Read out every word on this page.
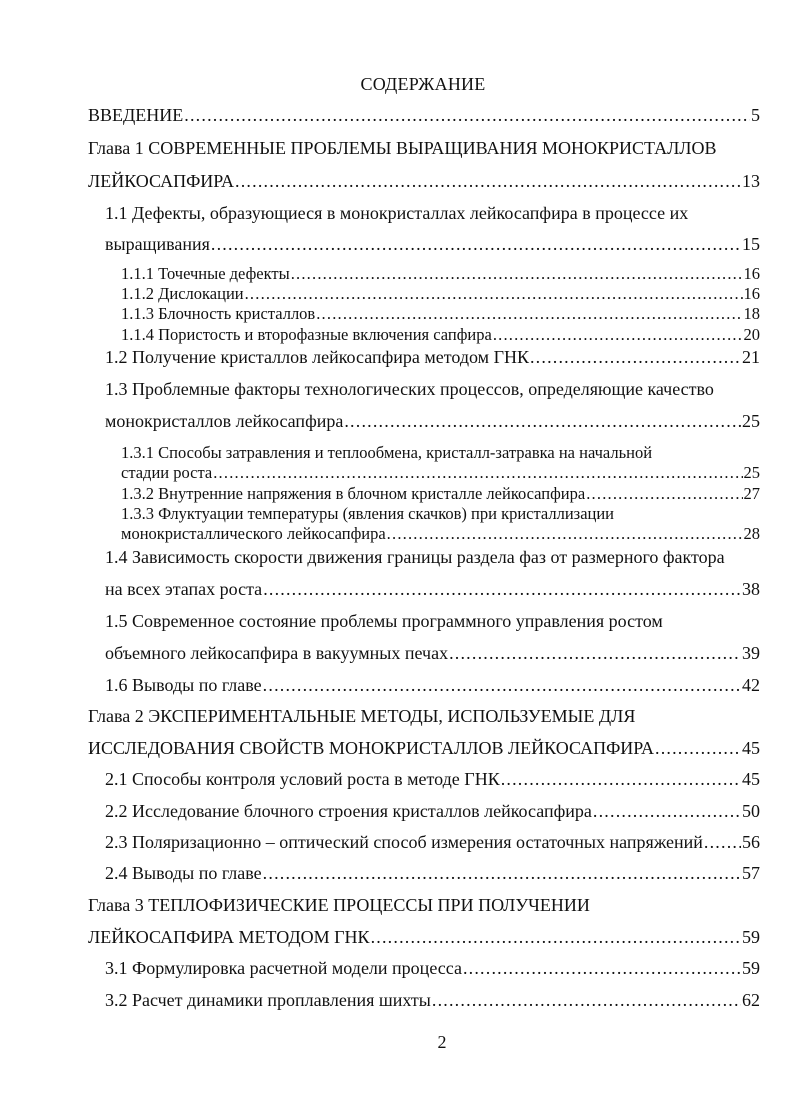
СОДЕРЖАНИЕ
ВВЕДЕНИЕ .....	5
Глава 1 СОВРЕМЕННЫЕ ПРОБЛЕМЫ ВЫРАЩИВАНИЯ МОНОКРИСТАЛЛОВ
ЛЕЙКОСАПФИРА .....	13
1.1 Дефекты, образующиеся в монокристаллах лейкосапфира в процессе их
выращивания .....	15
1.1.1 Точечные дефекты .....	16
1.1.2 Дислокации .....	16
1.1.3 Блочность кристаллов .....	18
1.1.4 Пористость и второфазные включения сапфира .....	20
1.2 Получение кристаллов лейкосапфира методом ГНК .....	21
1.3 Проблемные факторы технологических процессов, определяющие качество
монокристаллов лейкосапфира .....	25
1.3.1 Способы затравления и теплообмена, кристалл-затравка на начальной
стадии роста .....	25
1.3.2 Внутренние напряжения в блочном кристалле лейкосапфира .....	27
1.3.3 Флуктуации температуры (явления скачков) при кристаллизации
монокристаллического лейкосапфира .....	28
1.4 Зависимость скорости движения границы раздела фаз от размерного фактора
на всех этапах роста .....	38
1.5 Современное состояние проблемы программного управления ростом
объемного лейкосапфира в вакуумных печах .....	39
1.6 Выводы по главе .....	42
Глава 2 ЭКСПЕРИМЕНТАЛЬНЫЕ МЕТОДЫ, ИСПОЛЬЗУЕМЫЕ ДЛЯ
ИССЛЕДОВАНИЯ СВОЙСТВ МОНОКРИСТАЛЛОВ ЛЕЙКОСАПФИРА .....	45
2.1 Способы контроля условий роста в методе ГНК .....	45
2.2 Исследование блочного строения кристаллов лейкосапфира .....	50
2.3 Поляризационно – оптический способ измерения остаточных напряжений ..... 56
2.4 Выводы по главе .....	57
Глава 3 ТЕПЛОФИЗИЧЕСКИЕ ПРОЦЕССЫ ПРИ ПОЛУЧЕНИИ
ЛЕЙКОСАПФИРА МЕТОДОМ ГНК .....	59
3.1 Формулировка расчетной модели процесса .....	59
3.2 Расчет динамики проплавления шихты .....	62
2
